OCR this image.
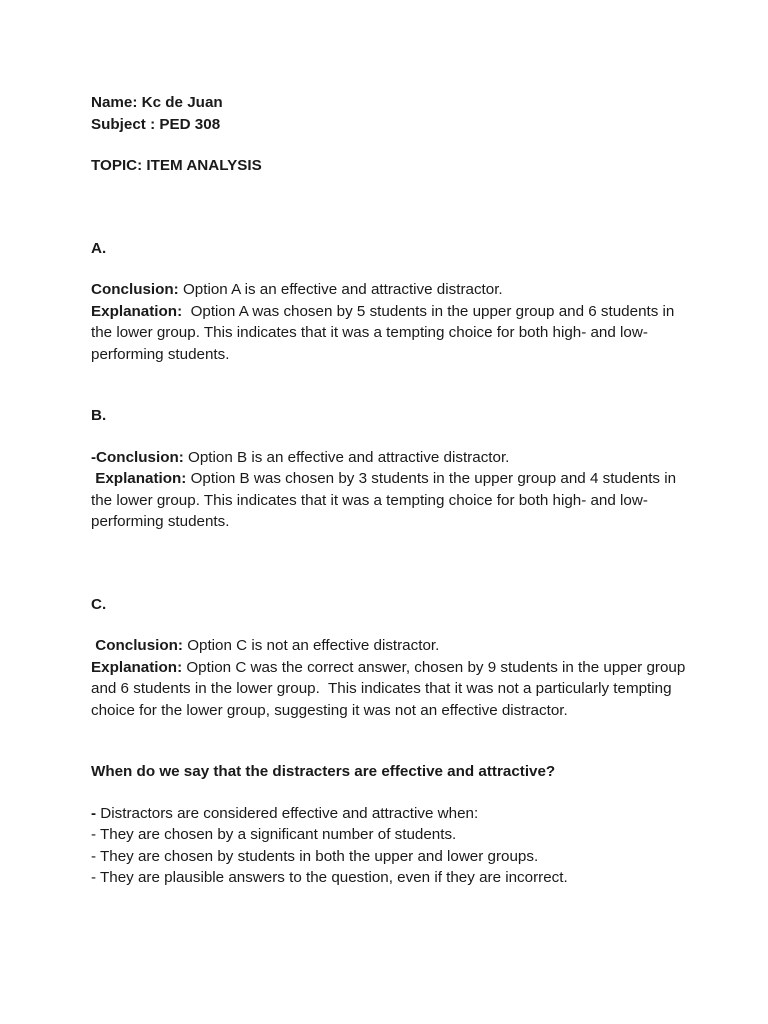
Name: Kc de Juan

Subject : PED 308

TOPIC: ITEM ANALYSIS

A.

Conclusion: Option A is an effective and attractive distractor.

Explanation:  Option A was chosen by 5 students in the upper group and 6 students in the lower group. This indicates that it was a tempting choice for both high- and low-performing students.

B.

-Conclusion: Option B is an effective and attractive distractor.

Explanation: Option B was chosen by 3 students in the upper group and 4 students in the lower group. This indicates that it was a tempting choice for both high- and low-performing students.

C.

Conclusion: Option C is not an effective distractor.

Explanation: Option C was the correct answer, chosen by 9 students in the upper group and 6 students in the lower group.  This indicates that it was not a particularly tempting choice for the lower group, suggesting it was not an effective distractor.

When do we say that the distracters are effective and attractive?

- Distractors are considered effective and attractive when:

- They are chosen by a significant number of students.

- They are chosen by students in both the upper and lower groups.

- They are plausible answers to the question, even if they are incorrect.
